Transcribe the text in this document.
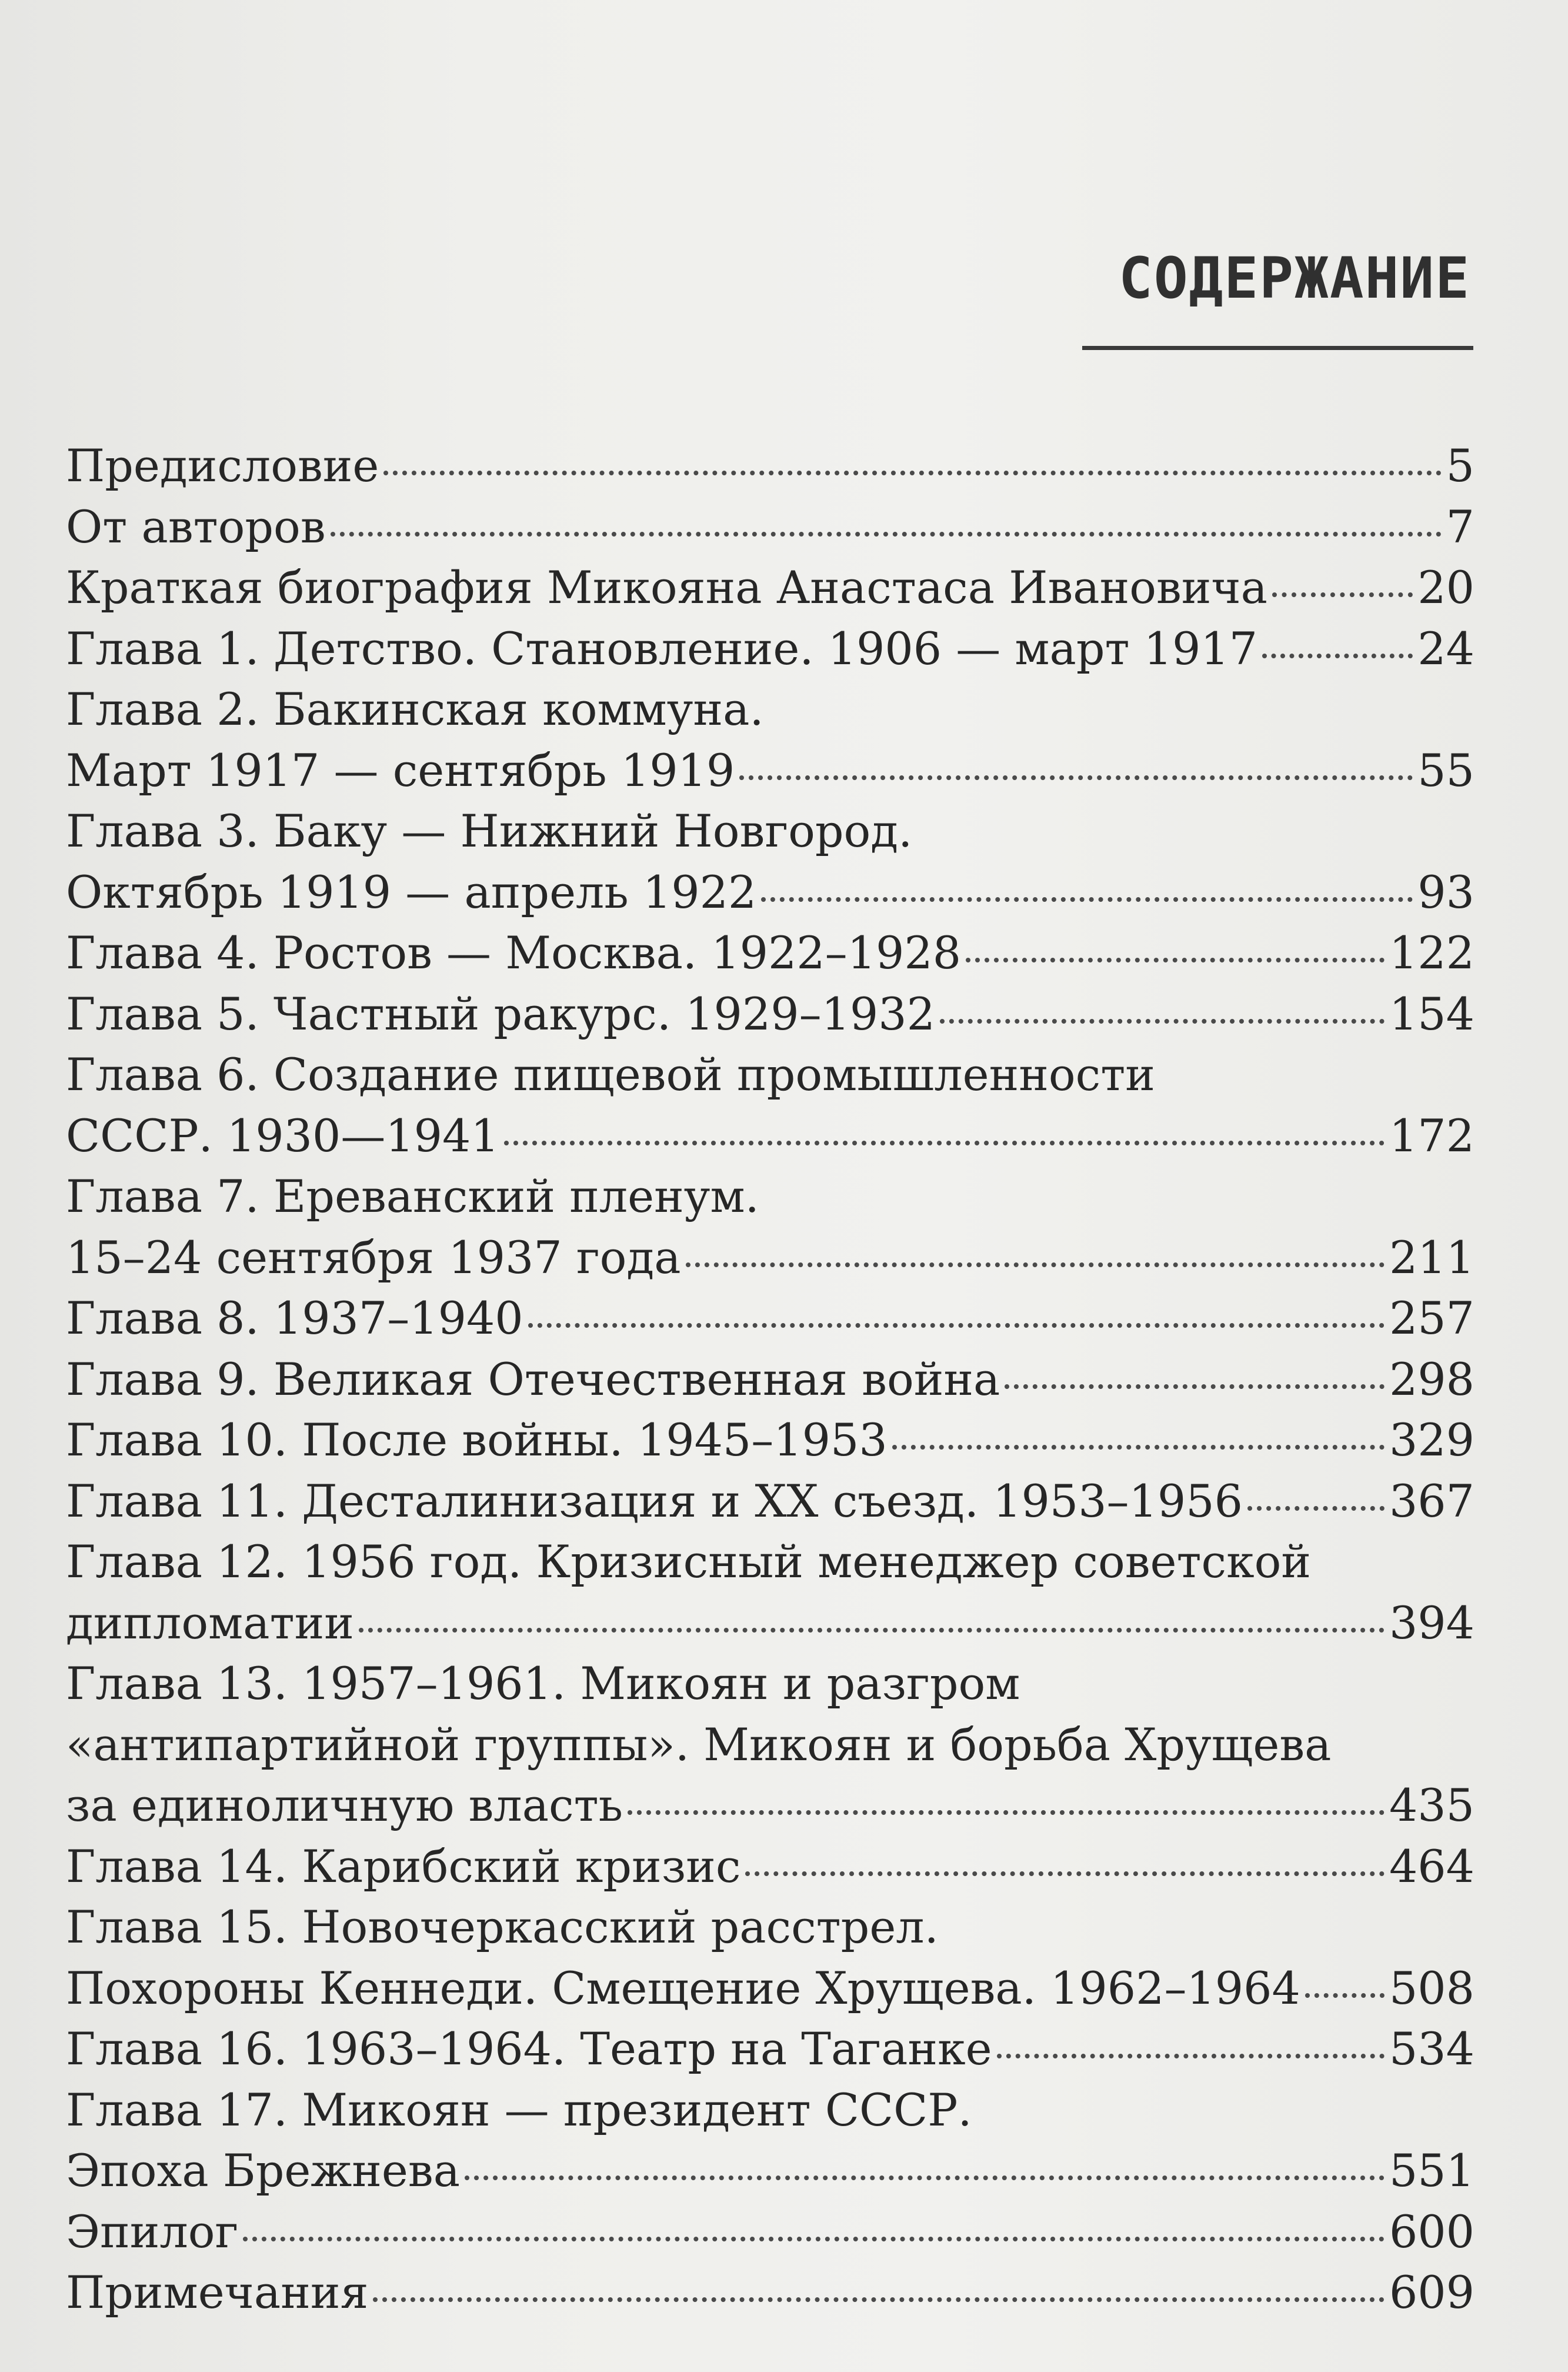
СОДЕРЖАНИЕ
Предисловие	5
От авторов	7
Краткая биография Микояна Анастаса Ивановича	20
Глава 1. Детство. Становление. 1906 — март 1917	24
Глава 2. Бакинская коммуна.
Март 1917 — сентябрь 1919	55
Глава 3. Баку — Нижний Новгород.
Октябрь 1919 — апрель 1922	93
Глава 4. Ростов — Москва. 1922–1928	122
Глава 5. Частный ракурс. 1929–1932	154
Глава 6. Создание пищевой промышленности
СССР. 1930—1941	172
Глава 7. Ереванский пленум.
15–24 сентября 1937 года	211
Глава 8. 1937–1940	257
Глава 9. Великая Отечественная война	298
Глава 10. После войны. 1945–1953	329
Глава 11. Десталинизация и ХХ съезд. 1953–1956	367
Глава 12. 1956 год. Кризисный менеджер советской
дипломатии	394
Глава 13. 1957–1961. Микоян и разгром
«антипартийной группы». Микоян и борьба Хрущева
за единоличную власть	435
Глава 14. Карибский кризис	464
Глава 15. Новочеркасский расстрел.
Похороны Кеннеди. Смещение Хрущева. 1962–1964 508
Глава 16. 1963–1964. Театр на Таганке	534
Глава 17. Микоян — президент СССР.
Эпоха Брежнева	551
Эпилог	600
Примечания	609
